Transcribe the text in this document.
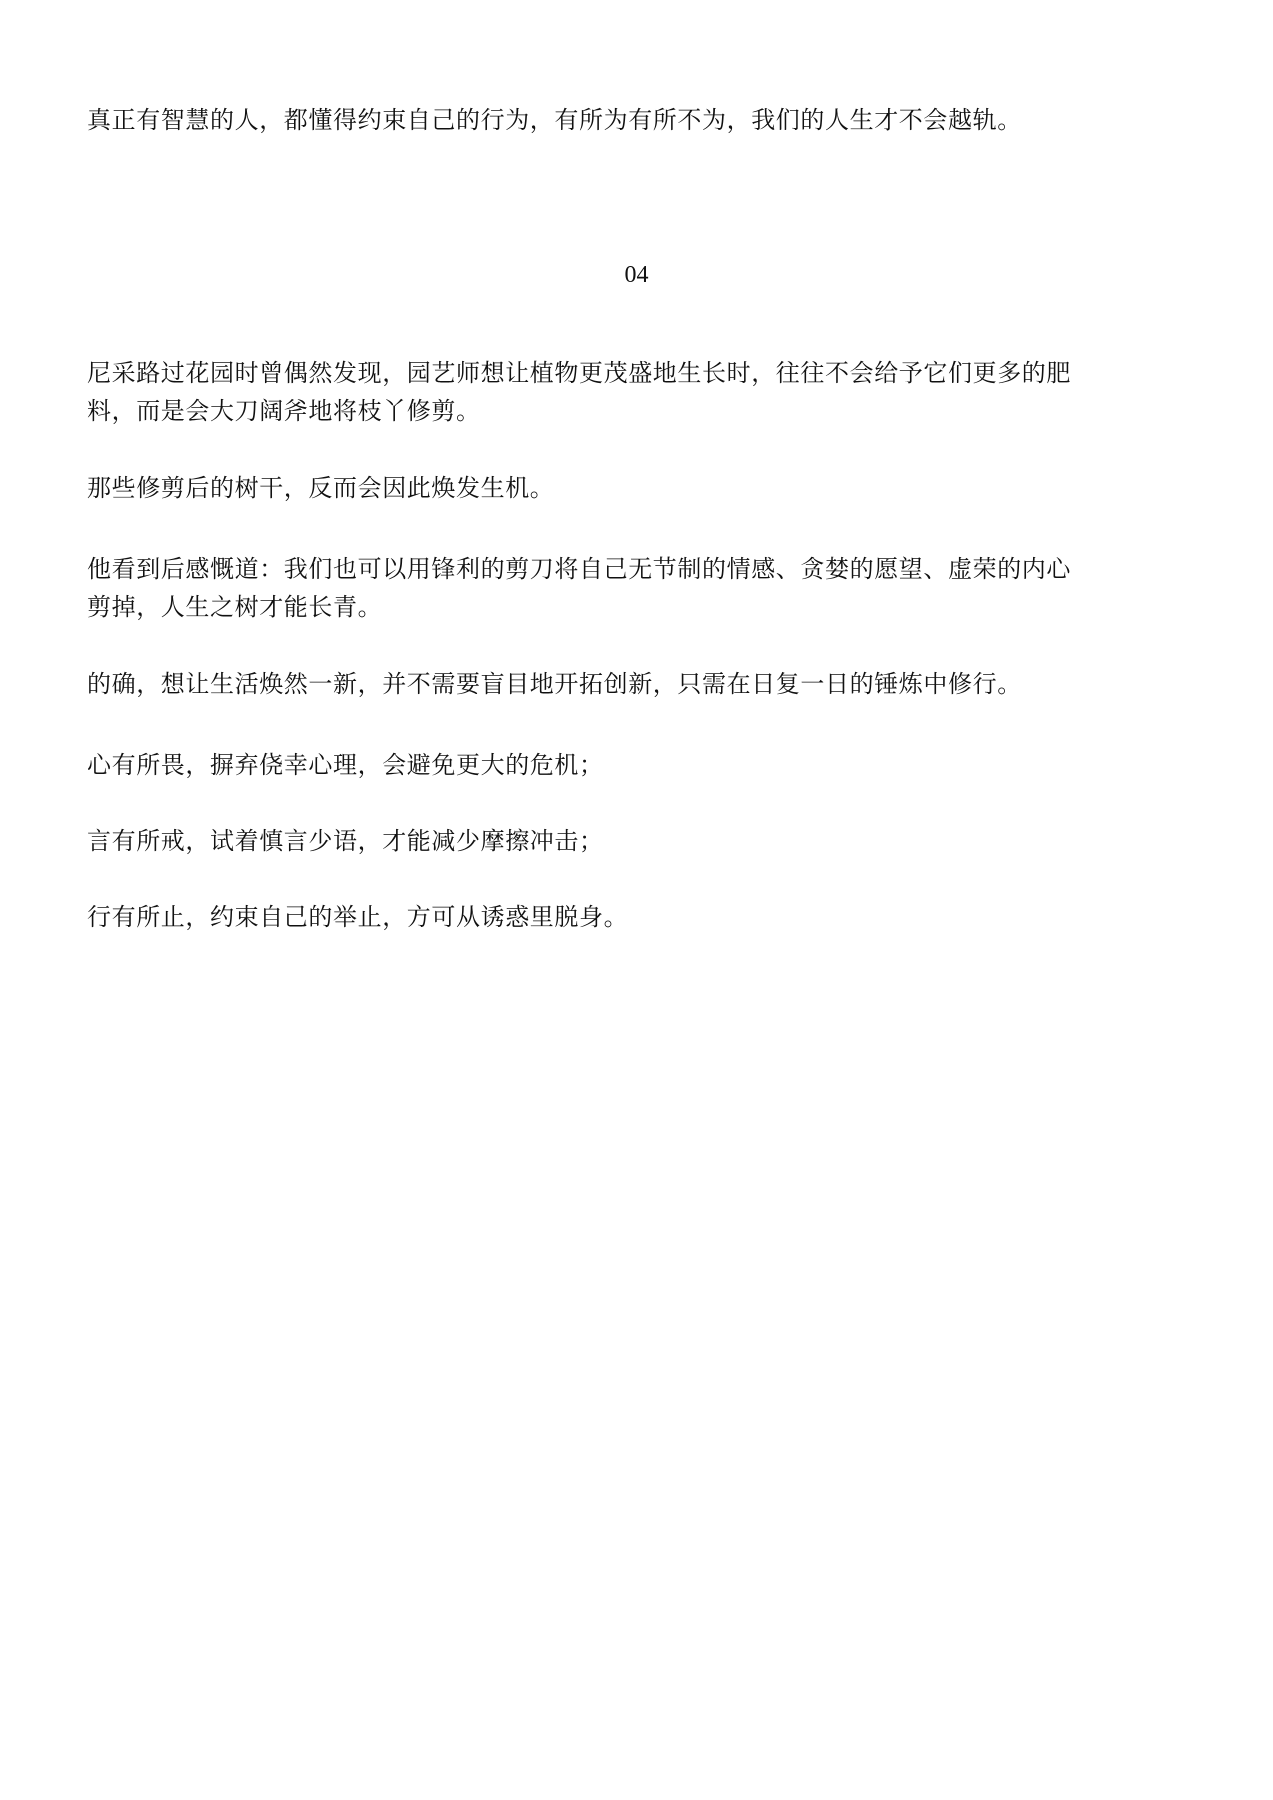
真正有智慧的人，都懂得约束自己的行为，有所为有所不为，我们的人生才不会越轨。

04

尼采路过花园时曾偶然发现，园艺师想让植物更茂盛地生长时，往往不会给予它们更多的肥
料，而是会大刀阔斧地将枝丫修剪。

那些修剪后的树干，反而会因此焕发生机。

他看到后感慨道：我们也可以用锋利的剪刀将自己无节制的情感、贪婪的愿望、虚荣的内心
剪掉，人生之树才能长青。

的确，想让生活焕然一新，并不需要盲目地开拓创新，只需在日复一日的锤炼中修行。

心有所畏，摒弃侥幸心理，会避免更大的危机；

言有所戒，试着慎言少语，才能减少摩擦冲击；

行有所止，约束自己的举止，方可从诱惑里脱身。
